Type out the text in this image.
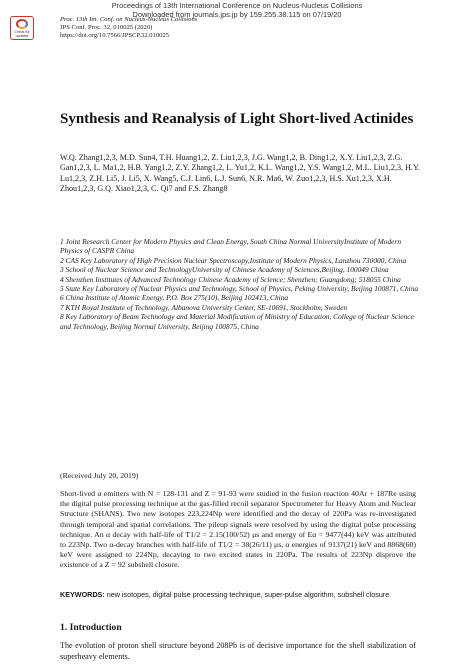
Proceedings of 13th International Conference on Nucleus-Nucleus Collisions
Downloaded from journals.jps.jp by 159.255.38.115 on 07/19/20
Check for updates
Proc. 13th Int. Conf. on Nucleus-Nucleus Collisions
JPS Conf. Proc. 32, 010025 (2020)
https://doi.org/10.7566/JPSCP.32.010025
Synthesis and Reanalysis of Light Short-lived Actinides
W.Q. Zhang1,2,3, M.D. Sun4, T.H. Huang1,2, Z. Liu1,2,3, J.G. Wang1,2, B. Ding1,2, X.Y. Liu1,2,3, Z.G. Gan1,2,3, L. Ma1,2, H.B. Yang1,2, Z.Y. Zhang1,2, L. Yu1,2, K.L. Wang1,2, Y.S. Wang1,2, M.L. Liu1,2,3, H.Y. Lu1,2,3, Z.H. Li5, J. Li5, X. Wang5, C.J. Lin6, L.J. Sun6, N.R. Ma6, W. Zuo1,2,3, H.S. Xu1,2,3, X.H. Zhou1,2,3, G.Q. Xiao1,2,3, C. Qi7 and F.S. Zhang8
1 Joint Research Center for Modern Physics and Clean Energy, South China Normal UniversityInstitute of Modern Physics of CASPR China
2 CAS Key Laboratory of High Precision Nuclear Spectroscopy,Institute of Modern Physics, Lanzhou 730000, China
3 School of Nuclear Science and TechnologyUniversity of Chinese Academy of Sciences,Beijing, 100049 China
4 Shenzhen Institutes of Advanced Technology Chinese Academy of Science; Shenzhen; Guangdong; 518055 China
5 State Key Laboratory of Nuclear Physics and Technology, School of Physics, Peking University, Beijing 100871, China
6 China Institute of Atomic Energy, P.O. Box 275(10), Beijing 102413, China
7 KTH Royal Institute of Technology, Albanova University Center, SE-10691, Stockholm, Sweden
8 Key Laboratory of Beam Technology and Material Modification of Ministry of Education, College of Nuclear Science and Technology, Beijing Normal University, Beijing 100875, China
(Received July 20, 2019)
Short-lived α emitters with N = 128-131 and Z = 91-93 were studied in the fusion reaction 40Ar + 187Re using the digital pulse processing technique at the gas-filled recoil separator Spectrometer for Heavy Atom and Nuclear Structure (SHANS). Two new isotopes 223,224Np were identified and the decay of 220Pa was re-investigated through temporal and spatial correlations. The pileup signals were resolved by using the digital pulse processing technique. An α decay with half-life of T1/2 = 2.15(100/52) μs and energy of Eα = 9477(44) keV was attributed to 223Np. Two α-decay branches with half-life of T1/2 = 38(26/11) μs, α energies of 9137(21) keV and 8868(60) keV were assigned to 224Np, decaying to two excited states in 220Pa. The results of 223Np disprove the existence of a Z = 92 subshell closure.
KEYWORDS: new isotopes, digital pulse processing technique, super-pulse algorithm, subshell closure
1. Introduction
The evolution of proton shell structure beyond 208Pb is of decisive importance for the shell stabilization of superheavy elements.
